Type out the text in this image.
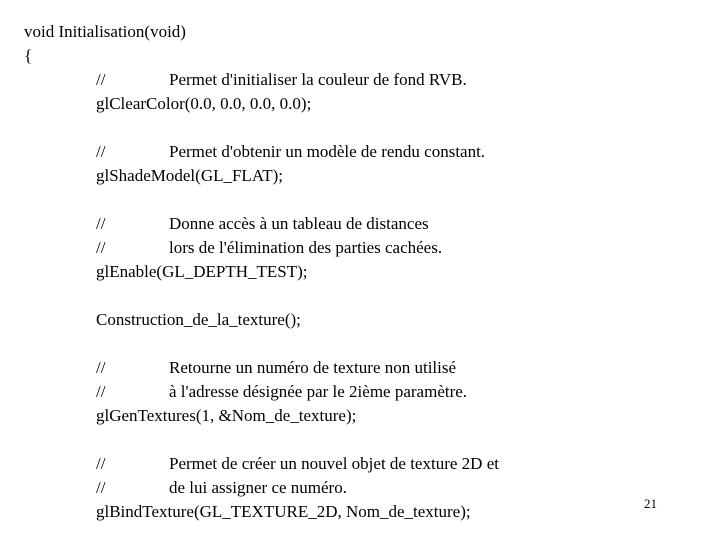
void Initialisation(void)
{
//	Permet d'initialiser la couleur de fond RVB.
glClearColor(0.0, 0.0, 0.0, 0.0);
//	Permet d'obtenir un modèle de rendu constant.
glShadeModel(GL_FLAT);
//	Donne accès à un tableau de distances
//	lors de l'élimination des parties cachées.
glEnable(GL_DEPTH_TEST);
Construction_de_la_texture();
//	Retourne un numéro de texture non utilisé
//	à l'adresse désignée par le 2ième paramètre.
glGenTextures(1, &Nom_de_texture);
//	Permet de créer un nouvel objet de texture 2D et
//	de lui assigner ce numéro.
glBindTexture(GL_TEXTURE_2D, Nom_de_texture);	21
